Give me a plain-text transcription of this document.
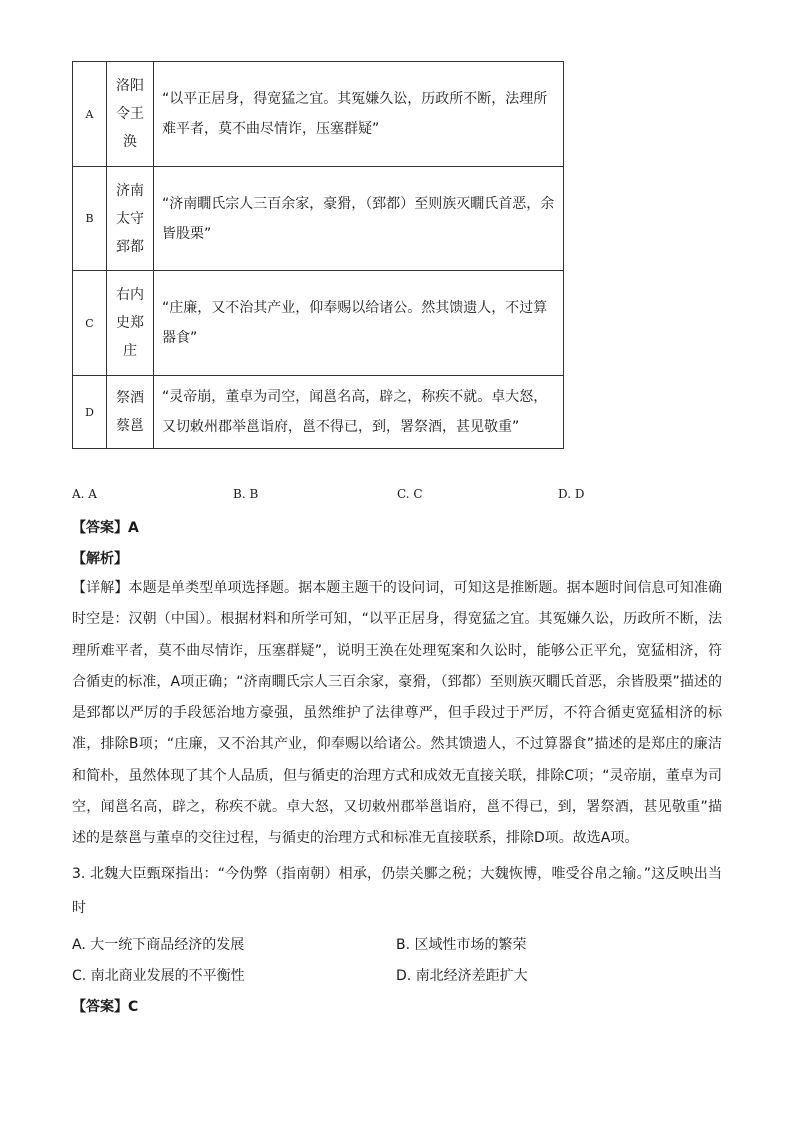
A	洛阳令王涣	“以平正居身，得宽猛之宜。其冤嫌久讼，历政所不断，法理所难平者，莫不曲尽情诈，压塞群疑”
B	济南太守郅都	“济南瞯氏宗人三百余家，豪猾，（郅都）至则族灭瞯氏首恶，余皆股栗”
C	右内史郑庄	“庄廉，又不治其产业，仰奉赐以给诸公。然其馈遗人，不过算器食”
D	祭酒蔡邕	“灵帝崩，董卓为司空，闻邕名高，辟之，称疾不就。卓大怒，又切敕州郡举邕诣府，邕不得已，到，署祭酒，甚见敬重”
A. A	B. B	C. C	D. D
【答案】A
【解析】
【详解】本题是单类型单项选择题。据本题主题干的设问词，可知这是推断题。据本题时间信息可知准确时空是：汉朝（中国）。根据材料和所学可知，“以平正居身，得宽猛之宜。其冤嫌久讼，历政所不断，法理所难平者，莫不曲尽情诈，压塞群疑”，说明王涣在处理冤案和久讼时，能够公正平允，宽猛相济，符合循吏的标准，A项正确；“济南瞯氏宗人三百余家，豪猾，（郅都）至则族灭瞯氏首恶，余皆股栗”描述的是郅都以严厉的手段惩治地方豪强，虽然维护了法律尊严，但手段过于严厉，不符合循吏宽猛相济的标准，排除B项；“庄廉，又不治其产业，仰奉赐以给诸公。然其馈遗人，不过算器食”描述的是郑庄的廉洁和简朴，虽然体现了其个人品质，但与循吏的治理方式和成效无直接关联，排除C项；“灵帝崩，董卓为司空，闻邕名高，辟之，称疾不就。卓大怒，又切敕州郡举邕诣府，邕不得已，到，署祭酒，甚见敬重”描述的是蔡邕与董卓的交往过程，与循吏的治理方式和标准无直接联系，排除D项。故选A项。
3. 北魏大臣甄琛指出：“今伪弊（指南朝）相承，仍崇关鄽之税；大魏恢博，唯受谷帛之输。”这反映出当时
A. 大一统下商品经济的发展	B. 区域性市场的繁荣
C. 南北商业发展的不平衡性	D. 南北经济差距扩大
【答案】C
